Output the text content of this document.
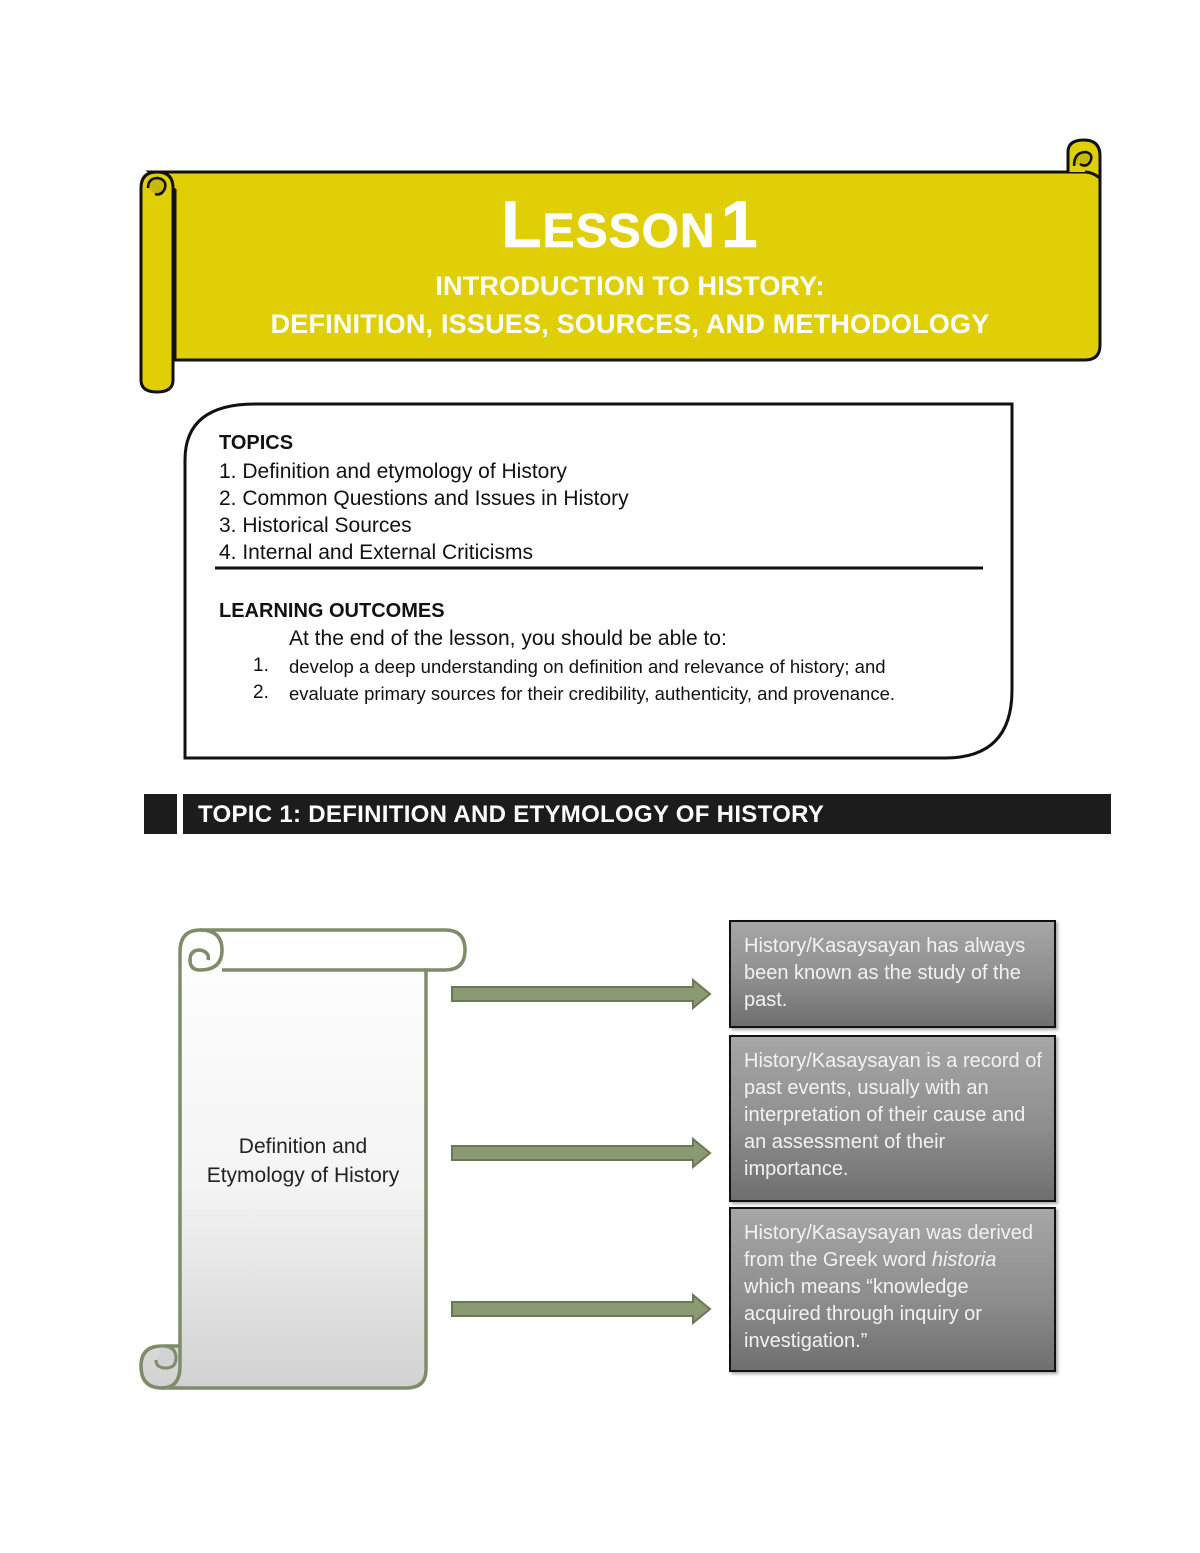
LESSON 1
INTRODUCTION TO HISTORY:
DEFINITION, ISSUES, SOURCES, AND METHODOLOGY
TOPICS
1. Definition and etymology of History
2. Common Questions and Issues in History
3. Historical Sources
4. Internal and External Criticisms
LEARNING OUTCOMES
At the end of the lesson, you should be able to:
1. develop a deep understanding on definition and relevance of history; and
2. evaluate primary sources for their credibility, authenticity, and provenance.
TOPIC 1: DEFINITION AND ETYMOLOGY OF HISTORY
Definition and
Etymology of History
History/Kasaysayan has always been known as the study of the past.
History/Kasaysayan is a record of past events, usually with an interpretation of their cause and an assessment of their importance.
History/Kasaysayan was derived from the Greek word historia which means “knowledge acquired through inquiry or investigation.”
